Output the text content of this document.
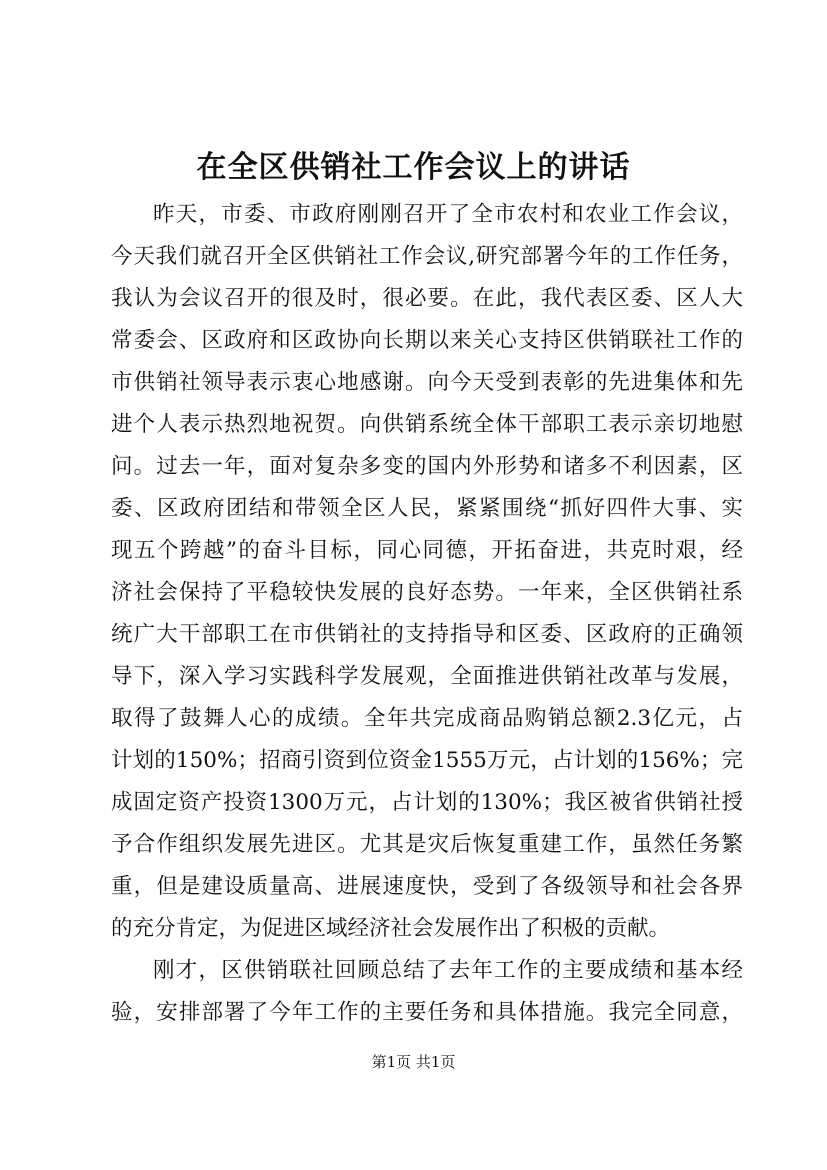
在全区供销社工作会议上的讲话
昨天，市委、市政府刚刚召开了全市农村和农业工作会议，
今天我们就召开全区供销社工作会议,研究部署今年的工作任务，
我认为会议召开的很及时，很必要。在此，我代表区委、区人大
常委会、区政府和区政协向长期以来关心支持区供销联社工作的
市供销社领导表示衷心地感谢。向今天受到表彰的先进集体和先
进个人表示热烈地祝贺。向供销系统全体干部职工表示亲切地慰
问。过去一年，面对复杂多变的国内外形势和诸多不利因素，区
委、区政府团结和带领全区人民，紧紧围绕“抓好四件大事、实
现五个跨越”的奋斗目标，同心同德，开拓奋进，共克时艰，经
济社会保持了平稳较快发展的良好态势。一年来，全区供销社系
统广大干部职工在市供销社的支持指导和区委、区政府的正确领
导下，深入学习实践科学发展观，全面推进供销社改革与发展，
取得了鼓舞人心的成绩。全年共完成商品购销总额2.3亿元，占
计划的150%；招商引资到位资金1555万元，占计划的156%；完
成固定资产投资1300万元，占计划的130%；我区被省供销社授
予合作组织发展先进区。尤其是灾后恢复重建工作，虽然任务繁
重，但是建设质量高、进展速度快，受到了各级领导和社会各界
的充分肯定，为促进区域经济社会发展作出了积极的贡献。
刚才，区供销联社回顾总结了去年工作的主要成绩和基本经
验，安排部署了今年工作的主要任务和具体措施。我完全同意，
第1页 共1页
